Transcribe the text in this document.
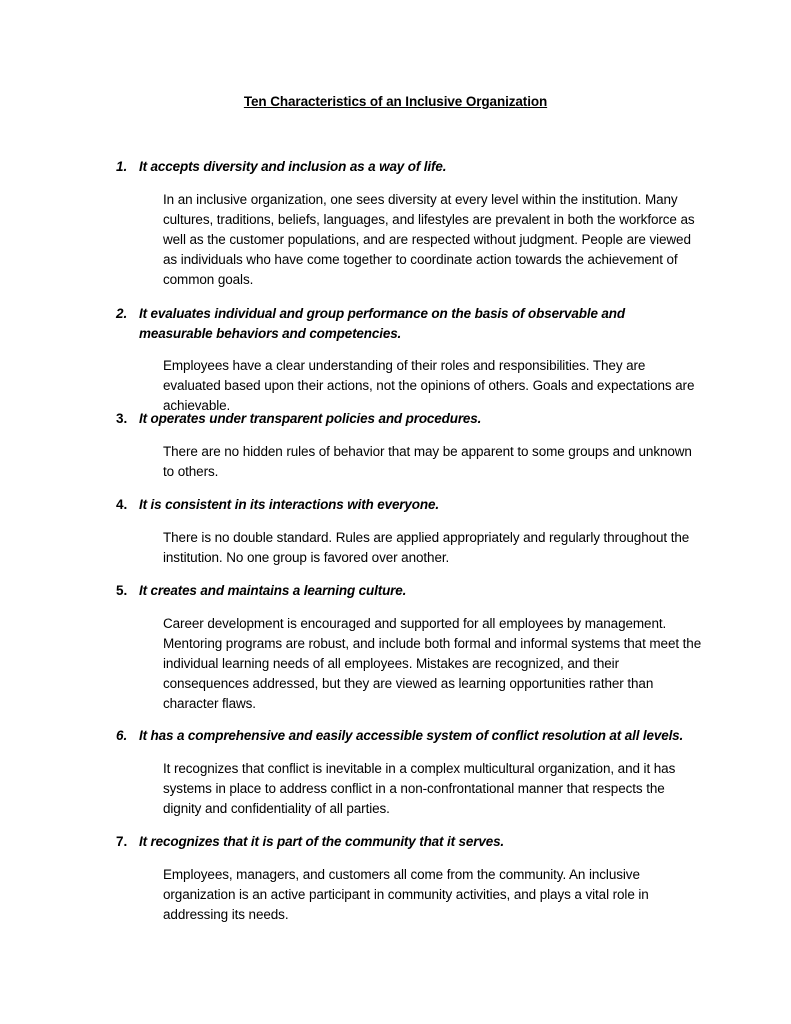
Ten Characteristics of an Inclusive Organization
1. It accepts diversity and inclusion as a way of life.
In an inclusive organization, one sees diversity at every level within the institution. Many cultures, traditions, beliefs, languages, and lifestyles are prevalent in both the workforce as well as the customer populations, and are respected without judgment. People are viewed as individuals who have come together to coordinate action towards the achievement of common goals.
2. It evaluates individual and group performance on the basis of observable and measurable behaviors and competencies.
Employees have a clear understanding of their roles and responsibilities. They are evaluated based upon their actions, not the opinions of others. Goals and expectations are achievable.
3. It operates under transparent policies and procedures.
There are no hidden rules of behavior that may be apparent to some groups and unknown to others.
4. It is consistent in its interactions with everyone.
There is no double standard. Rules are applied appropriately and regularly throughout the institution. No one group is favored over another.
5. It creates and maintains a learning culture.
Career development is encouraged and supported for all employees by management. Mentoring programs are robust, and include both formal and informal systems that meet the individual learning needs of all employees. Mistakes are recognized, and their consequences addressed, but they are viewed as learning opportunities rather than character flaws.
6. It has a comprehensive and easily accessible system of conflict resolution at all levels.
It recognizes that conflict is inevitable in a complex multicultural organization, and it has systems in place to address conflict in a non-confrontational manner that respects the dignity and confidentiality of all parties.
7. It recognizes that it is part of the community that it serves.
Employees, managers, and customers all come from the community. An inclusive organization is an active participant in community activities, and plays a vital role in addressing its needs.
